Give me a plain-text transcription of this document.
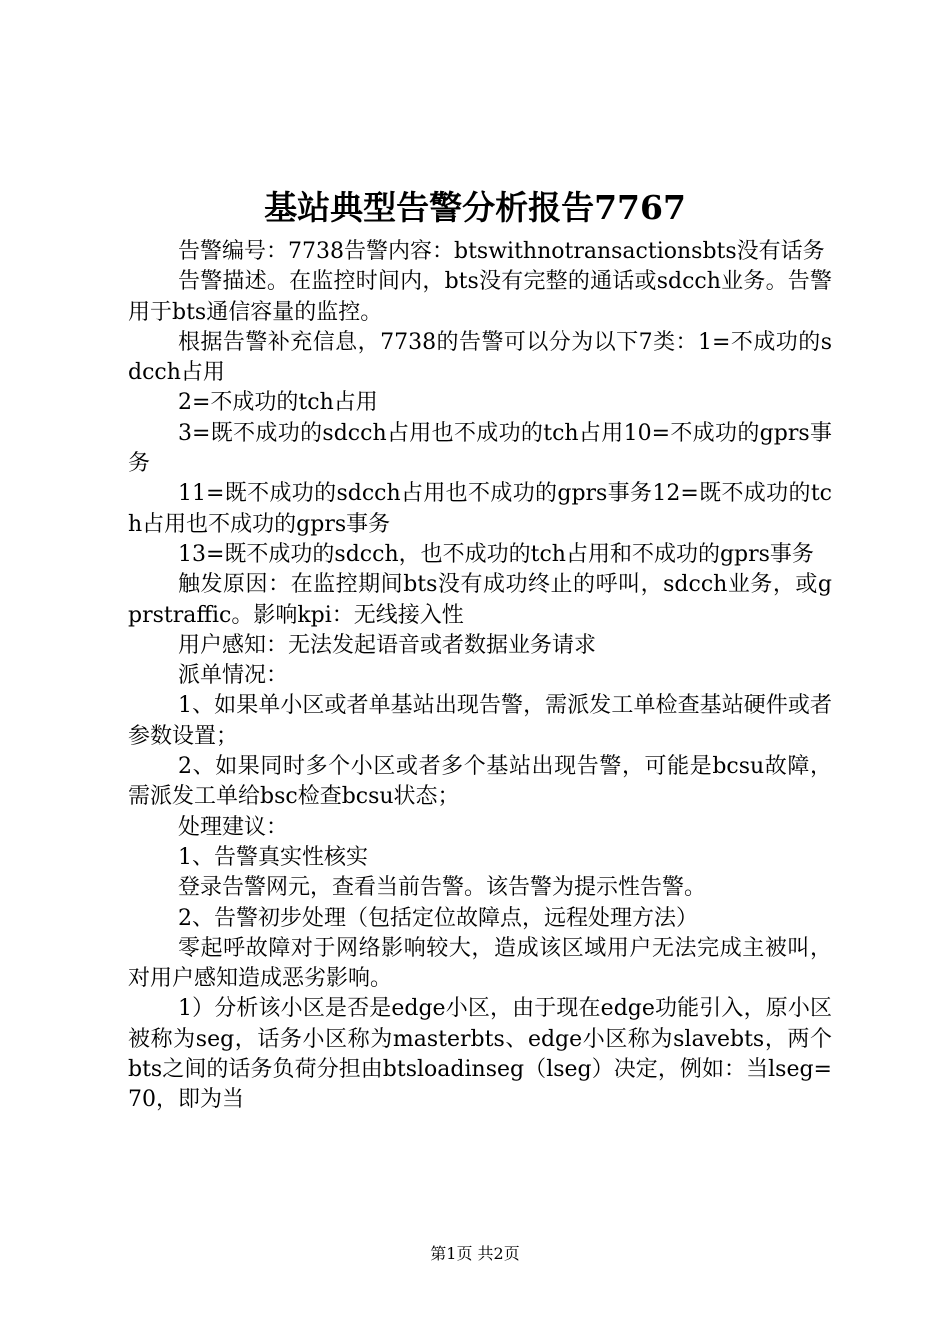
基站典型告警分析报告7767

告警编号：7738告警内容：btswithnotransactionsbts没有话务

告警描述。在监控时间内，bts没有完整的通话或sdcch业务。告警用于bts通信容量的监控。

根据告警补充信息，7738的告警可以分为以下7类：1=不成功的sdcch占用

2=不成功的tch占用

3=既不成功的sdcch占用也不成功的tch占用10=不成功的gprs事务

11=既不成功的sdcch占用也不成功的gprs事务12=既不成功的tch占用也不成功的gprs事务

13=既不成功的sdcch，也不成功的tch占用和不成功的gprs事务

触发原因：在监控期间bts没有成功终止的呼叫，sdcch业务，或gprstraffic。影响kpi：无线接入性

用户感知：无法发起语音或者数据业务请求

派单情况：

1、如果单小区或者单基站出现告警，需派发工单检查基站硬件或者参数设置；

2、如果同时多个小区或者多个基站出现告警，可能是bcsu故障，需派发工单给bsc检查bcsu状态；

处理建议：

1、告警真实性核实

登录告警网元，查看当前告警。该告警为提示性告警。

2、告警初步处理（包括定位故障点，远程处理方法）

零起呼故障对于网络影响较大，造成该区域用户无法完成主被叫，对用户感知造成恶劣影响。

1）分析该小区是否是edge小区，由于现在edge功能引入，原小区被称为seg，话务小区称为masterbts、edge小区称为slavebts，两个bts之间的话务负荷分担由btsloadinseg（lseg）决定，例如：当lseg=70，即为当

第1页 共2页
